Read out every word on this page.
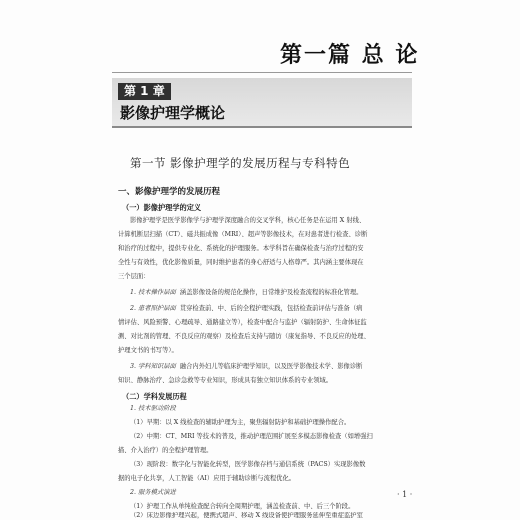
第一篇 总 论
第 1 章
影像护理学概论
第一节 影像护理学的发展历程与专科特色
一、影像护理学的发展历程
（一）影像护理学的定义
影像护理学是医学影像学与护理学深度融合的交叉学科，核心任务是在运用 X 射线、
计算机断层扫描（CT）、磁共振成像（MRI）、超声等影像技术，在对患者进行检查、诊断
和治疗的过程中，提供专业化、系统化的护理服务。本学科旨在确保检查与治疗过程的安
全性与有效性，优化影像质量，同时维护患者的身心舒适与人格尊严。其内涵主要体现在
三个层面：
1. 技术操作层面 涵盖影像设备的规范化操作，日常维护及检查流程的标准化管理。
2. 患者照护层面 贯穿检查前、中、后的全程护理实践，包括检查前评估与准备（病
情评估、风险预警、心理疏导、通路建立等），检查中配合与监护（辐射防护、生命体征监
测、对比剂的管理、不良反应的观察）及检查后支持与随访（康复指导、不良反应的处理、
护理文书的书写等）。
3. 学科知识层面 融合内外妇儿等临床护理学知识，以及医学影像技术学、影像诊断
知识、静脉治疗、急诊急救等专业知识，形成具有独立知识体系的专业领域。
（二）学科发展历程
1. 技术驱动阶段
（1）早期：以 X 线检查的辅助护理为主，聚焦辐射防护和基础护理操作配合。
（2）中期：CT、MRI 等技术的普及，推动护理范围扩展至多模态影像检查（如增强扫
描、介入治疗）的全程护理管理。
（3）现阶段：数字化与智能化转型，医学影像存档与通信系统（PACS）实现影像数
据的电子化共享，人工智能（AI）应用于辅助诊断与流程优化。
2. 服务模式演进
（1）护理工作从单纯检查配合转向全周期护理，涵盖检查前、中、后三个阶段。
（2）床边影像护理兴起，便携式超声、移动 X 线设备使护理服务延伸至重症监护室
· 1 ·
